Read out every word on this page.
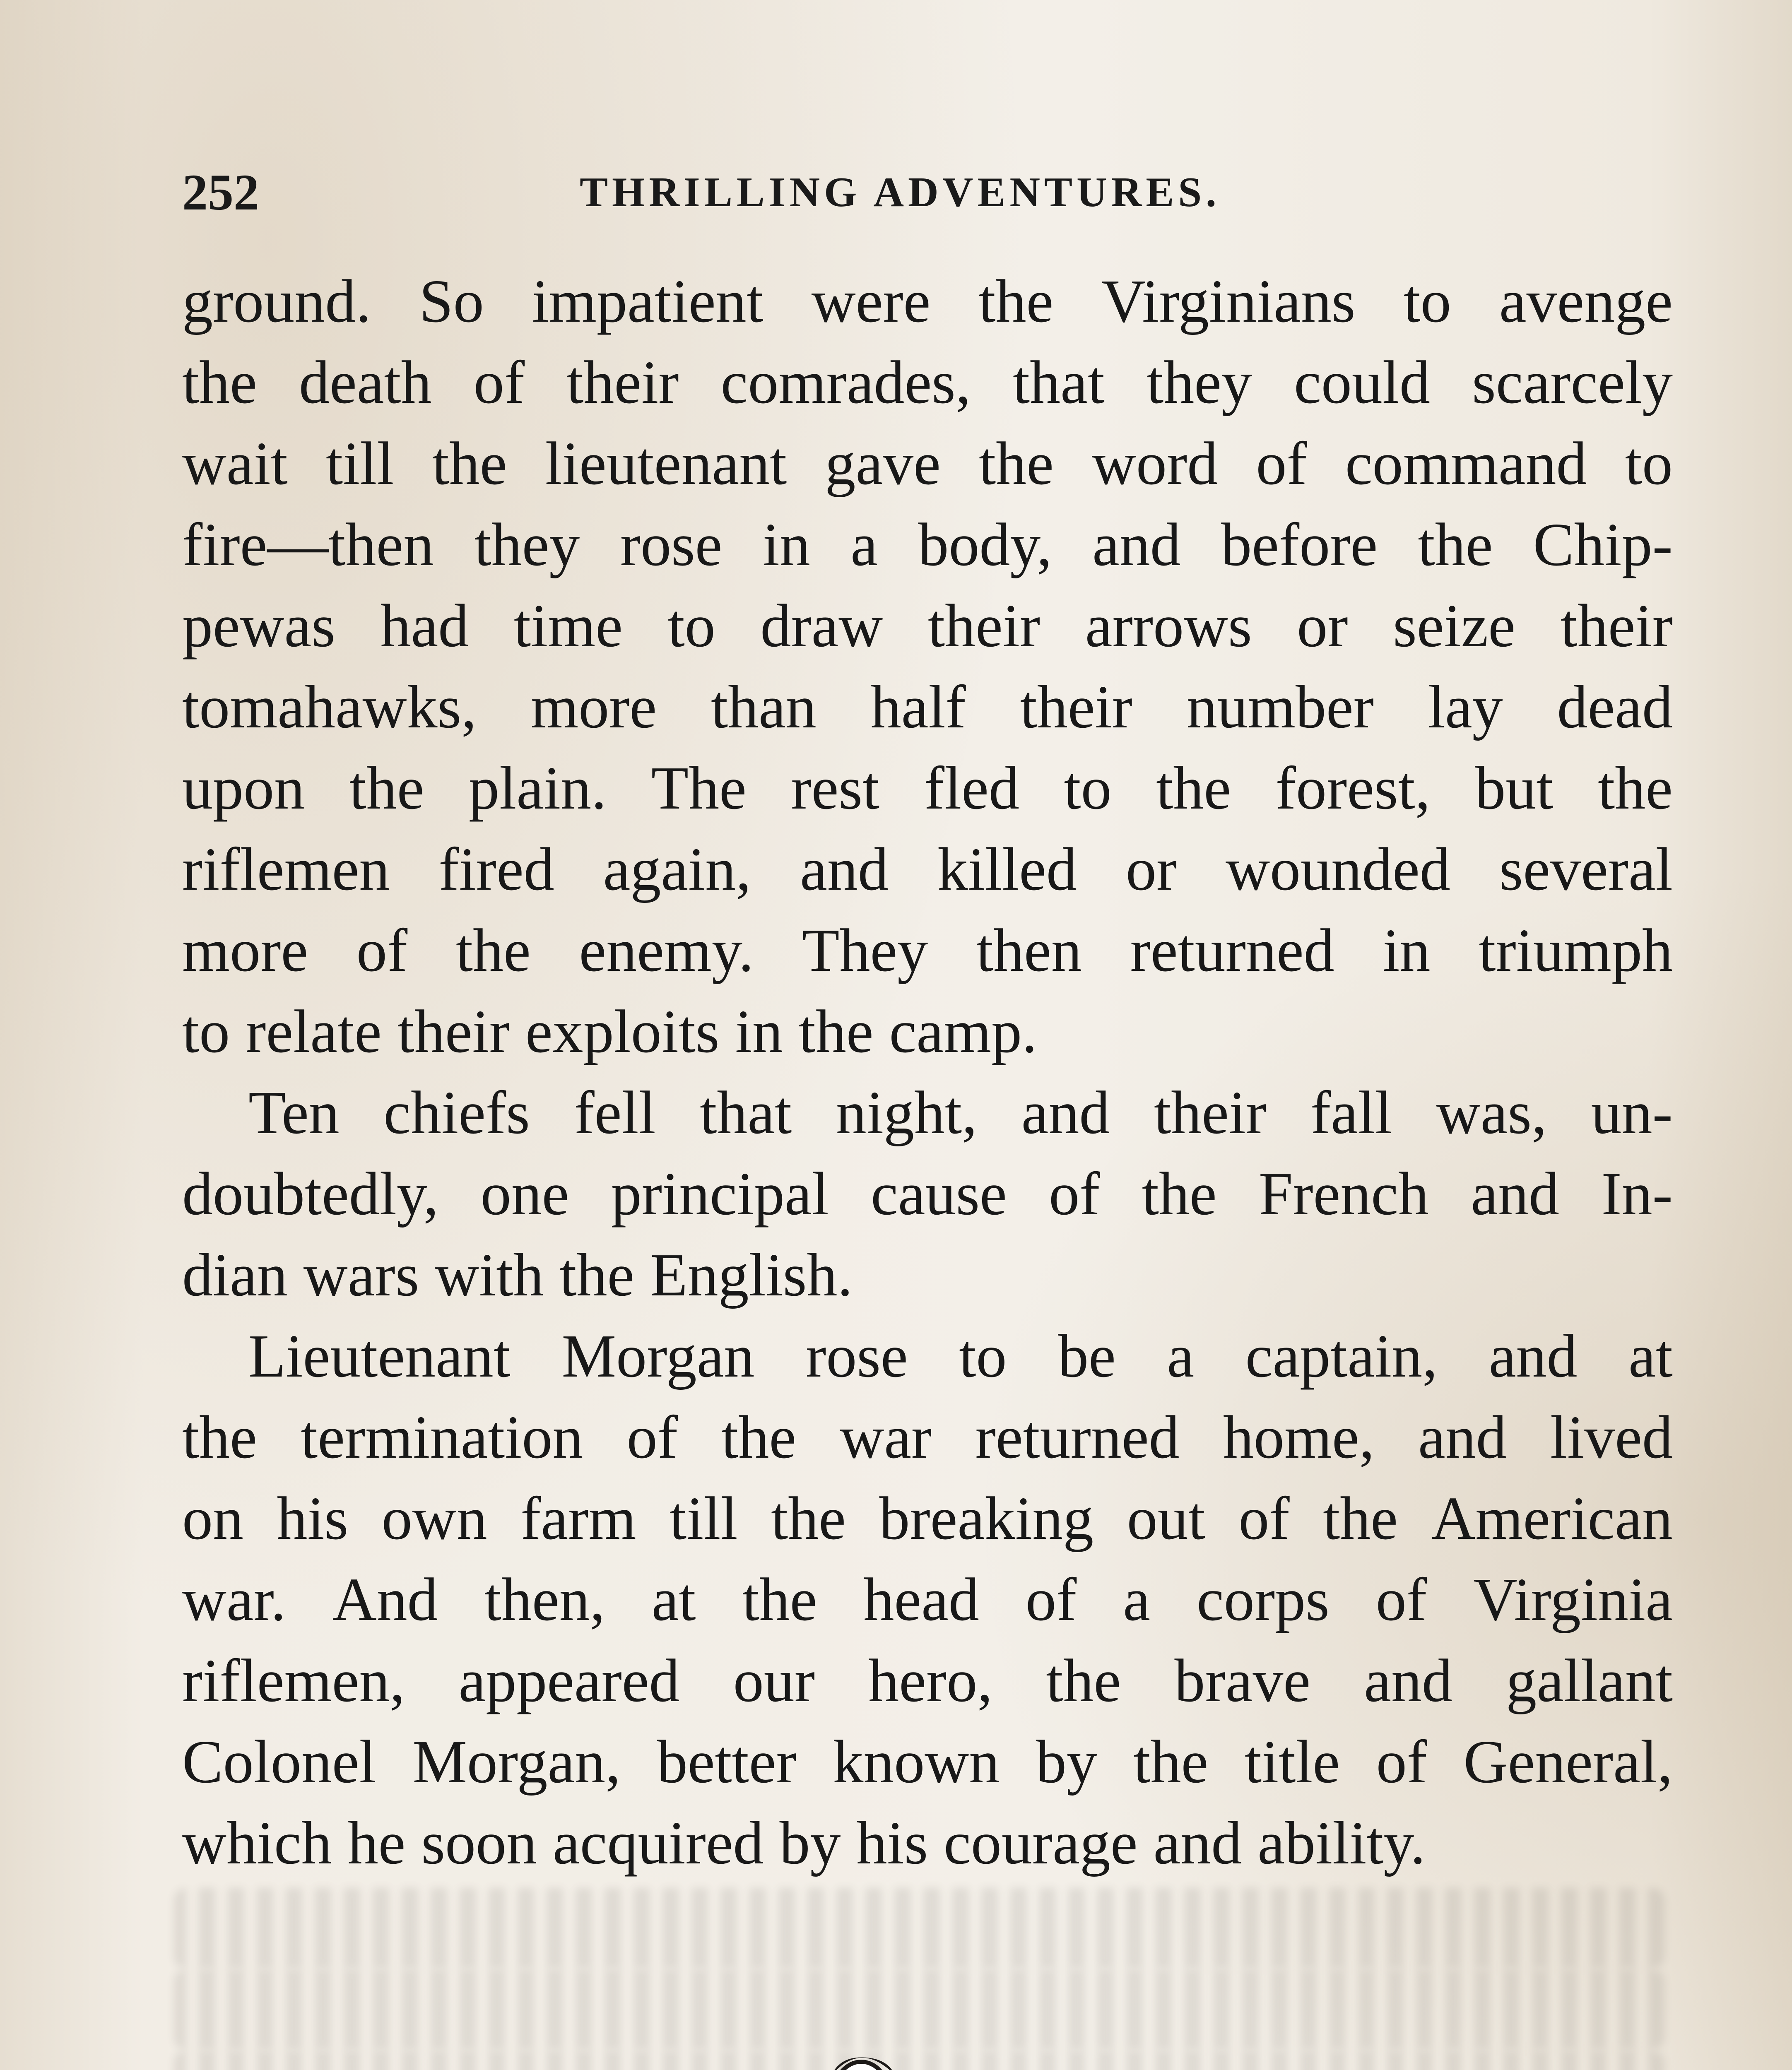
252	THRILLING ADVENTURES.
ground. So impatient were the Virginians to avenge
the death of their comrades, that they could scarcely
wait till the lieutenant gave the word of command to
fire—then they rose in a body, and before the Chip-
pewas had time to draw their arrows or seize their
tomahawks, more than half their number lay dead
upon the plain. The rest fled to the forest, but the
riflemen fired again, and killed or wounded several
more of the enemy. They then returned in triumph
to relate their exploits in the camp.
Ten chiefs fell that night, and their fall was, un-
doubtedly, one principal cause of the French and In-
dian wars with the English.
Lieutenant Morgan rose to be a captain, and at
the termination of the war returned home, and lived
on his own farm till the breaking out of the American
war. And then, at the head of a corps of Virginia
riflemen, appeared our hero, the brave and gallant
Colonel Morgan, better known by the title of General,
which he soon acquired by his courage and ability.
